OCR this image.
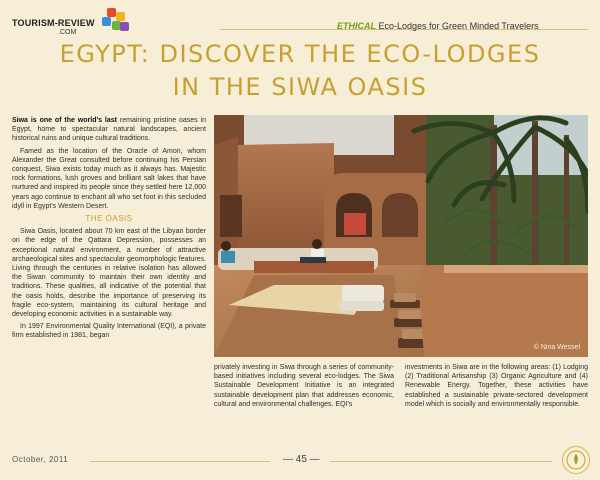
TOURISM-REVIEW
.COM
ETHICAL Eco-Lodges for Green Minded Travelers
EGYPT: DISCOVER THE ECO-LODGES
IN THE SIWA OASIS

Siwa is one of the world's last remaining pristine oases in Egypt, home to spectacular natural landscapes, ancient historical ruins and unique cultural traditions.

Famed as the location of the Oracle of Amon, whom Alexander the Great consulted before continuing his Persian conquest, Siwa exists today much as it always has. Majestic rock formations, lush groves and brilliant salt lakes that have nurtured and inspired its people since they settled here 12,000 years ago continue to enchant all who set foot in this secluded idyll in Egypt's Western Desert.

THE OASIS

Siwa Oasis, located about 70 km east of the Libyan border on the edge of the Qattara Depression, possesses an exceptional natural environment, a number of attractive archaeological sites and spectacular geomorphologic features. Living through the centuries in relative isolation has allowed the Siwan community to maintain their own identity and traditions. These qualities, all indicative of the potential that the oasis holds, describe the importance of preserving its fragile eco-system, maintaining its cultural heritage and developing economic activities in a sustainable way.

In 1997 Environmental Quality International (EQI), a private firm established in 1981, began

© Nina Wessel

privately investing in Siwa through a series of community-based initiatives including several eco-lodges. The Siwa Sustainable Development Initiative is an integrated sustainable development plan that addresses economic, cultural and environmental challenges. EQI's

investments in Siwa are in the following areas: (1) Lodging (2) Traditional Artisanship (3) Organic Agriculture and (4) Renewable Energy. Together, these activities have established a sustainable private-sectored development model which is socially and environmentally responsible.

October, 2011	— 45 —
